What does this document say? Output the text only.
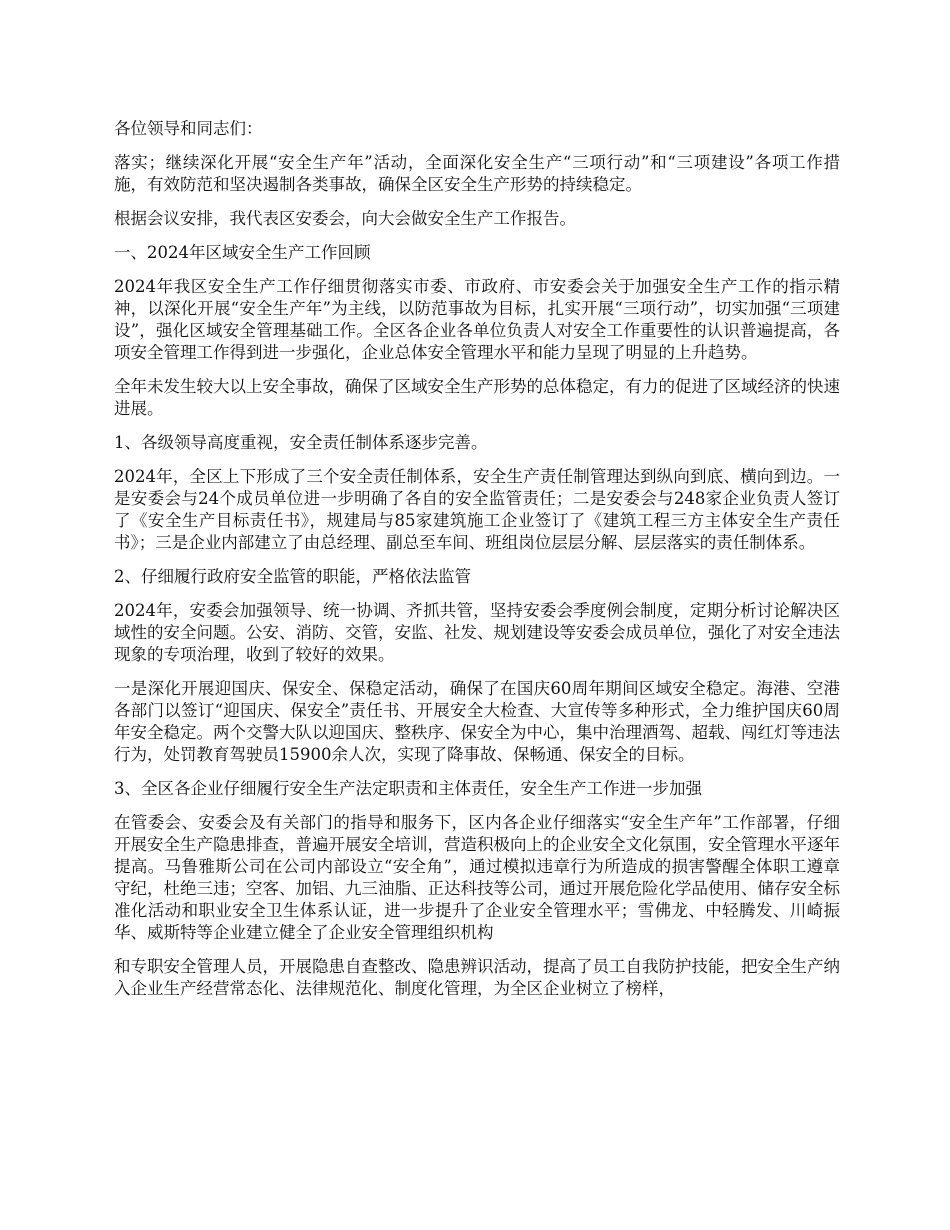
各位领导和同志们：

落实；继续深化开展“安全生产年”活动，全面深化安全生产“三项行动”和“三项建设”各项工作措施，有效防范和坚决遏制各类事故，确保全区安全生产形势的持续稳定。

根据会议安排，我代表区安委会，向大会做安全生产工作报告。

一、2024年区域安全生产工作回顾

2024年我区安全生产工作仔细贯彻落实市委、市政府、市安委会关于加强安全生产工作的指示精神，以深化开展“安全生产年”为主线，以防范事故为目标，扎实开展“三项行动”，切实加强“三项建设”，强化区域安全管理基础工作。全区各企业各单位负责人对安全工作重要性的认识普遍提高，各项安全管理工作得到进一步强化，企业总体安全管理水平和能力呈现了明显的上升趋势。

全年未发生较大以上安全事故，确保了区域安全生产形势的总体稳定，有力的促进了区域经济的快速进展。

1、各级领导高度重视，安全责任制体系逐步完善。

2024年，全区上下形成了三个安全责任制体系，安全生产责任制管理达到纵向到底、横向到边。一是安委会与24个成员单位进一步明确了各自的安全监管责任；二是安委会与248家企业负责人签订了《安全生产目标责任书》，规建局与85家建筑施工企业签订了《建筑工程三方主体安全生产责任书》；三是企业内部建立了由总经理、副总至车间、班组岗位层层分解、层层落实的责任制体系。

2、仔细履行政府安全监管的职能，严格依法监管

2024年，安委会加强领导、统一协调、齐抓共管，坚持安委会季度例会制度，定期分析讨论解决区域性的安全问题。公安、消防、交管，安监、社发、规划建设等安委会成员单位，强化了对安全违法现象的专项治理，收到了较好的效果。

一是深化开展迎国庆、保安全、保稳定活动，确保了在国庆60周年期间区域安全稳定。海港、空港各部门以签订“迎国庆、保安全”责任书、开展安全大检查、大宣传等多种形式，全力维护国庆60周年安全稳定。两个交警大队以迎国庆、整秩序、保安全为中心，集中治理酒驾、超载、闯红灯等违法行为，处罚教育驾驶员15900余人次，实现了降事故、保畅通、保安全的目标。

3、全区各企业仔细履行安全生产法定职责和主体责任，安全生产工作进一步加强

在管委会、安委会及有关部门的指导和服务下，区内各企业仔细落实“安全生产年”工作部署，仔细开展安全生产隐患排查，普遍开展安全培训，营造积极向上的企业安全文化氛围，安全管理水平逐年提高。马鲁雅斯公司在公司内部设立“安全角”，通过模拟违章行为所造成的损害警醒全体职工遵章守纪，杜绝三违；空客、加铝、九三油脂、正达科技等公司，通过开展危险化学品使用、储存安全标准化活动和职业安全卫生体系认证，进一步提升了企业安全管理水平；雪佛龙、中轻腾发、川崎振华、威斯特等企业建立健全了企业安全管理组织机构

和专职安全管理人员，开展隐患自查整改、隐患辨识活动，提高了员工自我防护技能，把安全生产纳入企业生产经营常态化、法律规范化、制度化管理，为全区企业树立了榜样，
